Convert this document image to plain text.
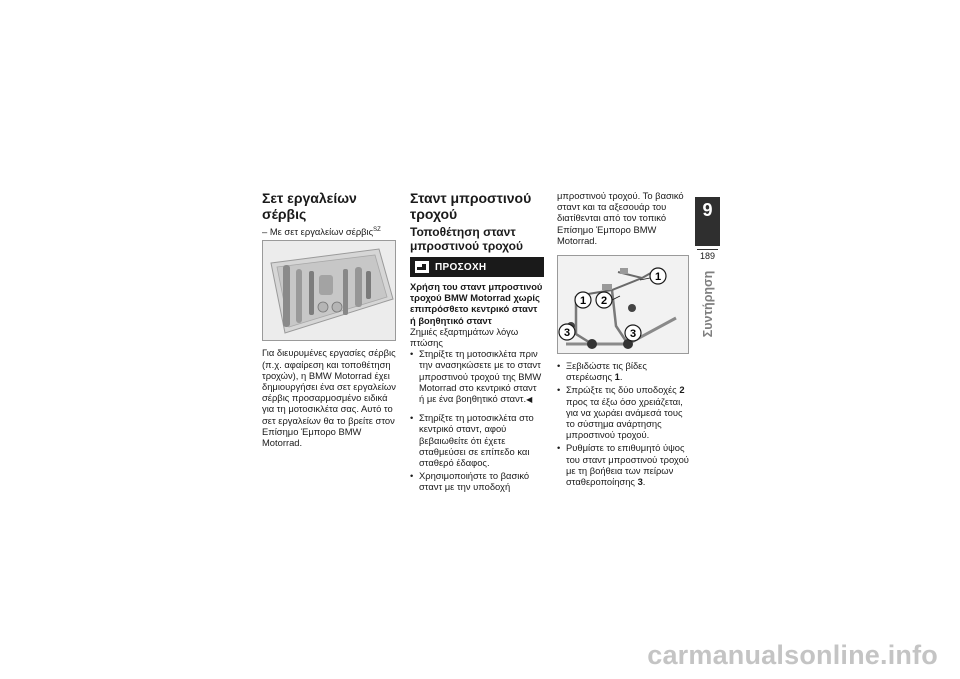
Σετ εργαλείων σέρβις
– Με σετ εργαλείων σέρβις$^{SZ}$

Για διευρυμένες εργασίες σέρβις (π.χ. αφαίρεση και τοποθέτηση τροχών), η BMW Motorrad έχει δημιουργήσει ένα σετ εργαλείων σέρβις προσαρμοσμένο ειδικά για τη μοτοσικλέτα σας. Αυτό το σετ εργαλείων θα το βρείτε στον Επίσημο Έμπορο BMW Motorrad.

Σταντ μπροστινού τροχού
Τοποθέτηση σταντ μπροστινού τροχού
ΠΡΟΣΟΧΗ

Χρήση του σταντ μπροστινού τροχού BMW Motorrad χωρίς επιπρόσθετο κεντρικό σταντ ή βοηθητικό σταντ

Ζημιές εξαρτημάτων λόγω πτώσης

• Στηρίξτε τη μοτοσικλέτα πριν την ανασηκώσετε με το σταντ μπροστινού τροχού της BMW Motorrad στο κεντρικό σταντ ή με ένα βοηθητικό σταντ.◀
• Στηρίξτε τη μοτοσικλέτα στο κεντρικό σταντ, αφού βεβαιωθείτε ότι έχετε σταθμεύσει σε επίπεδο και σταθερό έδαφος.
• Χρησιμοποιήστε το βασικό σταντ με την υποδοχή

μπροστινού τροχού. Το βασικό σταντ και τα αξεσουάρ του διατίθενται από τον τοπικό Επίσημο Έμπορο BMW Motorrad.

1
1 2
3	3
• Ξεβιδώστε τις βίδες στερέωσης 1.
• Σπρώξτε τις δύο υποδοχές 2 προς τα έξω όσο χρειάζεται, για να χωράει ανάμεσά τους το σύστημα ανάρτησης μπροστινού τροχού.
• Ρυθμίστε το επιθυμητό ύψος του σταντ μπροστινού τροχού με τη βοήθεια των πείρων σταθεροποίησης 3.
9
189
Συντήρηση
carmanualsonline.info
